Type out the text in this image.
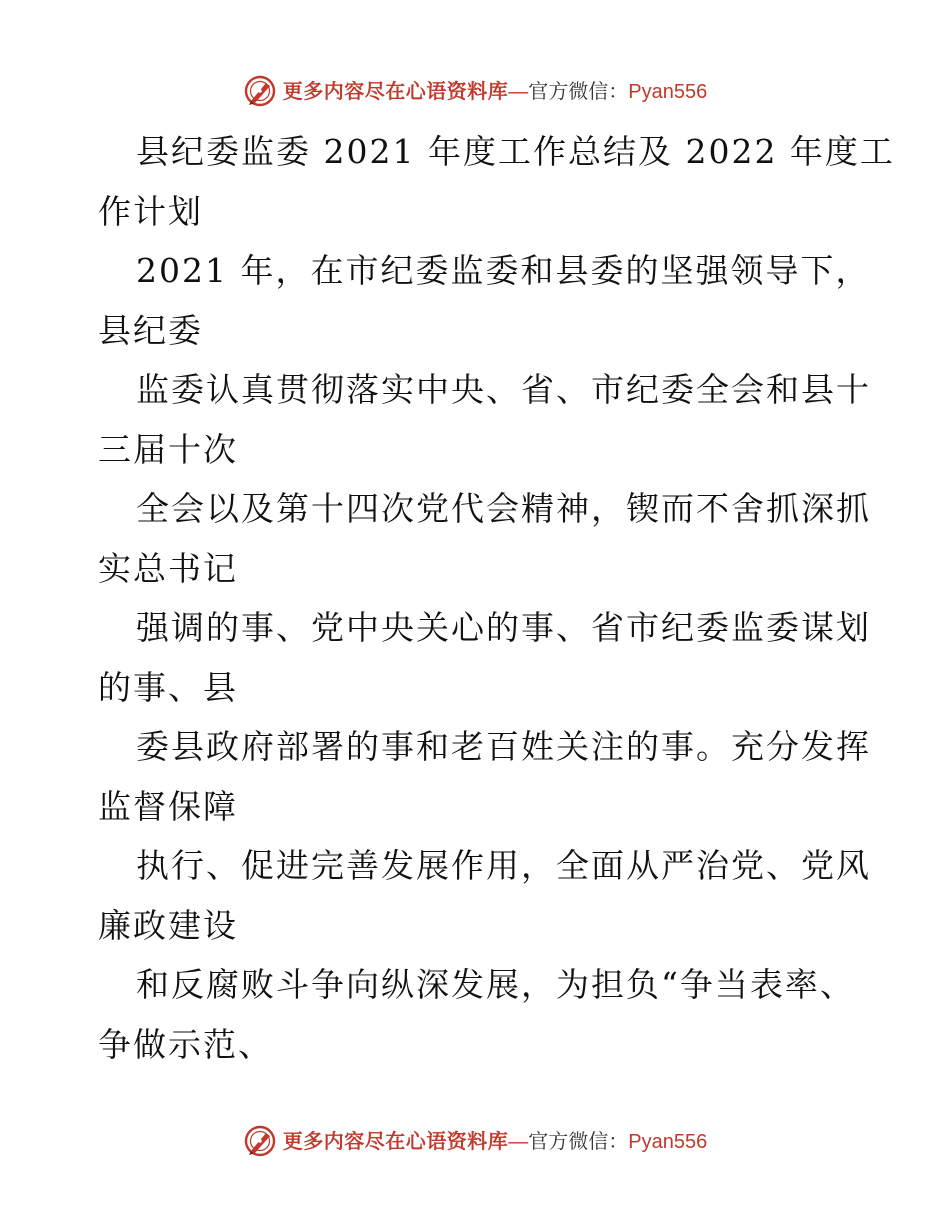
更多内容尽在心语资料库 — 官方微信： Pyan556

县纪委监委 2021 年度工作总结及 2022 年度工

作计划

2021 年，在市纪委监委和县委的坚强领导下，

县纪委

监委认真贯彻落实中央、省、市纪委全会和县十

三届十次

全会以及第十四次党代会精神，锲而不舍抓深抓

实总书记

强调的事、党中央关心的事、省市纪委监委谋划

的事、县

委县政府部署的事和老百姓关注的事。充分发挥

监督保障

执行、促进完善发展作用，全面从严治党、党风

廉政建设

和反腐败斗争向纵深发展，为担负“争当表率、

争做示范、

更多内容尽在心语资料库 — 官方微信： Pyan556
